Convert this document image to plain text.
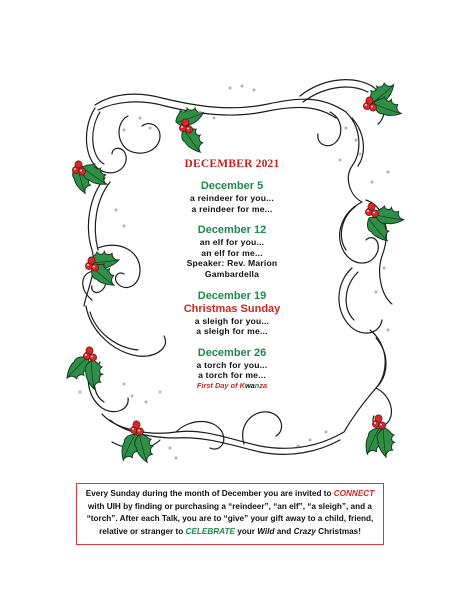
DECEMBER 2021
December 5
a reindeer for you...
a reindeer for me...
December 12
an elf for you...
an elf for me...
Speaker: Rev. Marion
Gambardella
December 19
Christmas Sunday
a sleigh for you...
a sleigh for me...
December 26
a torch for you...
a torch for me...
First Day of Kwanza
Every Sunday during the month of December you are invited to CONNECT with UIH by finding or purchasing a “reindeer”, “an elf”, “a sleigh”, and a “torch”. After each Talk, you are to “give” your gift away to a child, friend, relative or stranger to CELEBRATE your Wild and Crazy Christmas!
